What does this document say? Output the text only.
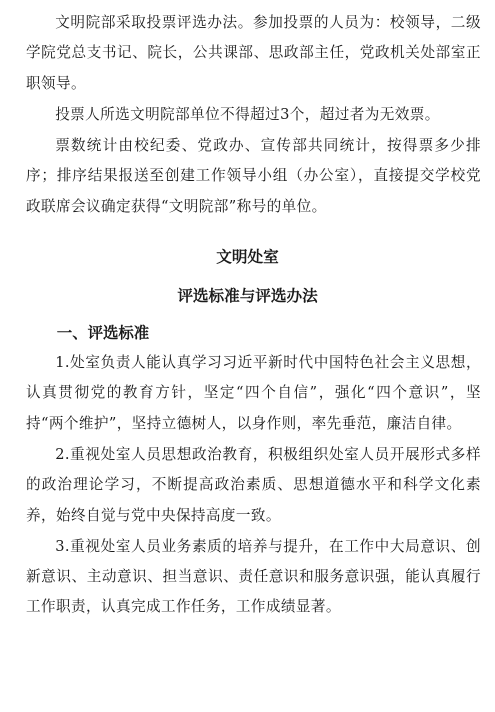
文明院部采取投票评选办法。参加投票的人员为：校领导，二级学院党总支书记、院长，公共课部、思政部主任，党政机关处部室正职领导。

投票人所选文明院部单位不得超过3个，超过者为无效票。

票数统计由校纪委、党政办、宣传部共同统计，按得票多少排序；排序结果报送至创建工作领导小组（办公室），直接提交学校党政联席会议确定获得“文明院部”称号的单位。

文明处室
评选标准与评选办法
一、评选标准

1.处室负责人能认真学习习近平新时代中国特色社会主义思想，认真贯彻党的教育方针，坚定“四个自信”，强化“四个意识”，坚持“两个维护”，坚持立德树人，以身作则，率先垂范，廉洁自律。

2.重视处室人员思想政治教育，积极组织处室人员开展形式多样的政治理论学习，不断提高政治素质、思想道德水平和科学文化素养，始终自觉与党中央保持高度一致。

3.重视处室人员业务素质的培养与提升，在工作中大局意识、创新意识、主动意识、担当意识、责任意识和服务意识强，能认真履行工作职责，认真完成工作任务，工作成绩显著。
